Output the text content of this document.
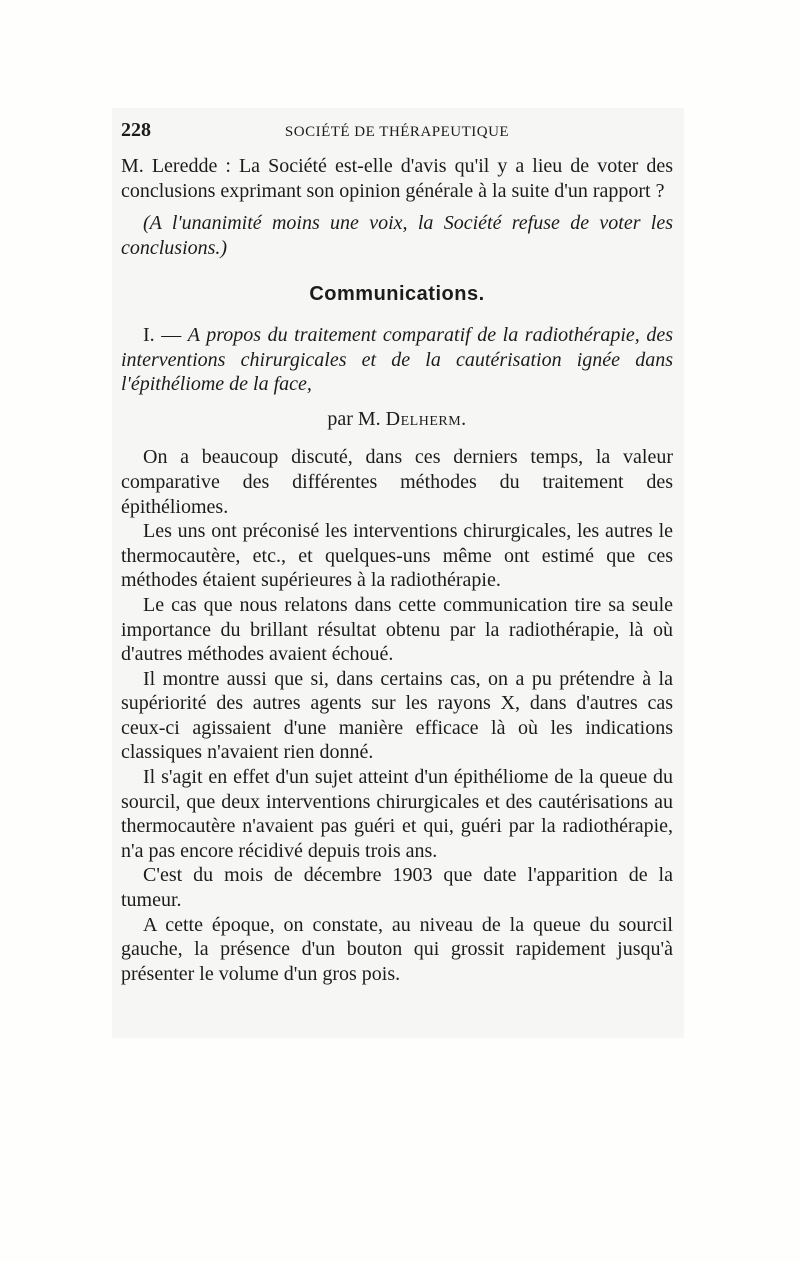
228	SOCIÉTÉ DE THÉRAPEUTIQUE

M. Leredde : La Société est-elle d'avis qu'il y a lieu de voter des conclusions exprimant son opinion générale à la suite d'un rapport ?

(A l'unanimité moins une voix, la Société refuse de voter les conclusions.)

Communications.

I. — A propos du traitement comparatif de la radiothérapie, des interventions chirurgicales et de la cautérisation ignée dans l'épithéliome de la face,

par M. Delherm.

On a beaucoup discuté, dans ces derniers temps, la valeur comparative des différentes méthodes du traitement des épithéliomes.

Les uns ont préconisé les interventions chirurgicales, les autres le thermocautère, etc., et quelques-uns même ont estimé que ces méthodes étaient supérieures à la radiothérapie.

Le cas que nous relatons dans cette communication tire sa seule importance du brillant résultat obtenu par la radiothérapie, là où d'autres méthodes avaient échoué.

Il montre aussi que si, dans certains cas, on a pu prétendre à la supériorité des autres agents sur les rayons X, dans d'autres cas ceux-ci agissaient d'une manière efficace là où les indications classiques n'avaient rien donné.

Il s'agit en effet d'un sujet atteint d'un épithéliome de la queue du sourcil, que deux interventions chirurgicales et des cautérisations au thermocautère n'avaient pas guéri et qui, guéri par la radiothérapie, n'a pas encore récidivé depuis trois ans.

C'est du mois de décembre 1903 que date l'apparition de la tumeur.

A cette époque, on constate, au niveau de la queue du sourcil gauche, la présence d'un bouton qui grossit rapidement jusqu'à présenter le volume d'un gros pois.
